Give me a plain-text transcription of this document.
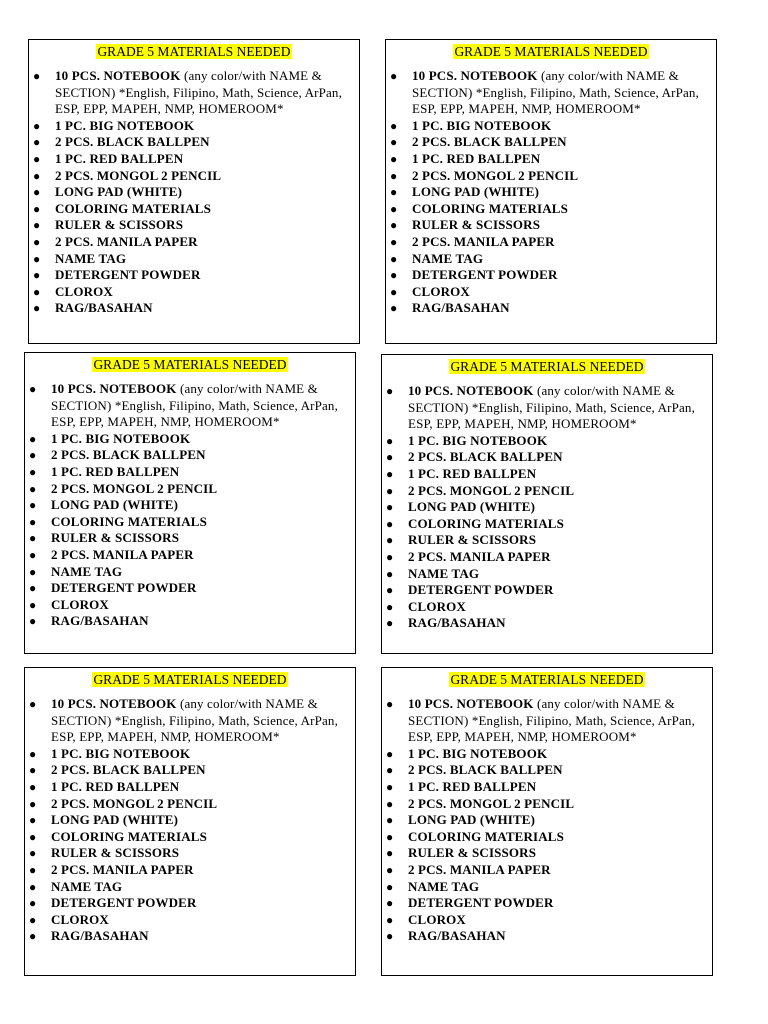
GRADE 5 MATERIALS NEEDED
● 10 PCS. NOTEBOOK (any color/with NAME & SECTION) *English, Filipino, Math, Science, ArPan, ESP, EPP, MAPEH, NMP, HOMEROOM*
● 1 PC. BIG NOTEBOOK
● 2 PCS. BLACK BALLPEN
● 1 PC. RED BALLPEN
● 2 PCS. MONGOL 2 PENCIL
● LONG PAD (WHITE)
● COLORING MATERIALS
● RULER & SCISSORS
● 2 PCS. MANILA PAPER
● NAME TAG
● DETERGENT POWDER
● CLOROX
● RAG/BASAHAN
GRADE 5 MATERIALS NEEDED
● 10 PCS. NOTEBOOK (any color/with NAME & SECTION) *English, Filipino, Math, Science, ArPan, ESP, EPP, MAPEH, NMP, HOMEROOM*
● 1 PC. BIG NOTEBOOK
● 2 PCS. BLACK BALLPEN
● 1 PC. RED BALLPEN
● 2 PCS. MONGOL 2 PENCIL
● LONG PAD (WHITE)
● COLORING MATERIALS
● RULER & SCISSORS
● 2 PCS. MANILA PAPER
● NAME TAG
● DETERGENT POWDER
● CLOROX
● RAG/BASAHAN
GRADE 5 MATERIALS NEEDED
● 10 PCS. NOTEBOOK (any color/with NAME & SECTION) *English, Filipino, Math, Science, ArPan, ESP, EPP, MAPEH, NMP, HOMEROOM*
● 1 PC. BIG NOTEBOOK
● 2 PCS. BLACK BALLPEN
● 1 PC. RED BALLPEN
● 2 PCS. MONGOL 2 PENCIL
● LONG PAD (WHITE)
● COLORING MATERIALS
● RULER & SCISSORS
● 2 PCS. MANILA PAPER
● NAME TAG
● DETERGENT POWDER
● CLOROX
● RAG/BASAHAN
GRADE 5 MATERIALS NEEDED
● 10 PCS. NOTEBOOK (any color/with NAME & SECTION) *English, Filipino, Math, Science, ArPan, ESP, EPP, MAPEH, NMP, HOMEROOM*
● 1 PC. BIG NOTEBOOK
● 2 PCS. BLACK BALLPEN
● 1 PC. RED BALLPEN
● 2 PCS. MONGOL 2 PENCIL
● LONG PAD (WHITE)
● COLORING MATERIALS
● RULER & SCISSORS
● 2 PCS. MANILA PAPER
● NAME TAG
● DETERGENT POWDER
● CLOROX
● RAG/BASAHAN
GRADE 5 MATERIALS NEEDED
● 10 PCS. NOTEBOOK (any color/with NAME & SECTION) *English, Filipino, Math, Science, ArPan, ESP, EPP, MAPEH, NMP, HOMEROOM*
● 1 PC. BIG NOTEBOOK
● 2 PCS. BLACK BALLPEN
● 1 PC. RED BALLPEN
● 2 PCS. MONGOL 2 PENCIL
● LONG PAD (WHITE)
● COLORING MATERIALS
● RULER & SCISSORS
● 2 PCS. MANILA PAPER
● NAME TAG
● DETERGENT POWDER
● CLOROX
● RAG/BASAHAN
GRADE 5 MATERIALS NEEDED
● 10 PCS. NOTEBOOK (any color/with NAME & SECTION) *English, Filipino, Math, Science, ArPan, ESP, EPP, MAPEH, NMP, HOMEROOM*
● 1 PC. BIG NOTEBOOK
● 2 PCS. BLACK BALLPEN
● 1 PC. RED BALLPEN
● 2 PCS. MONGOL 2 PENCIL
● LONG PAD (WHITE)
● COLORING MATERIALS
● RULER & SCISSORS
● 2 PCS. MANILA PAPER
● NAME TAG
● DETERGENT POWDER
● CLOROX
● RAG/BASAHAN
